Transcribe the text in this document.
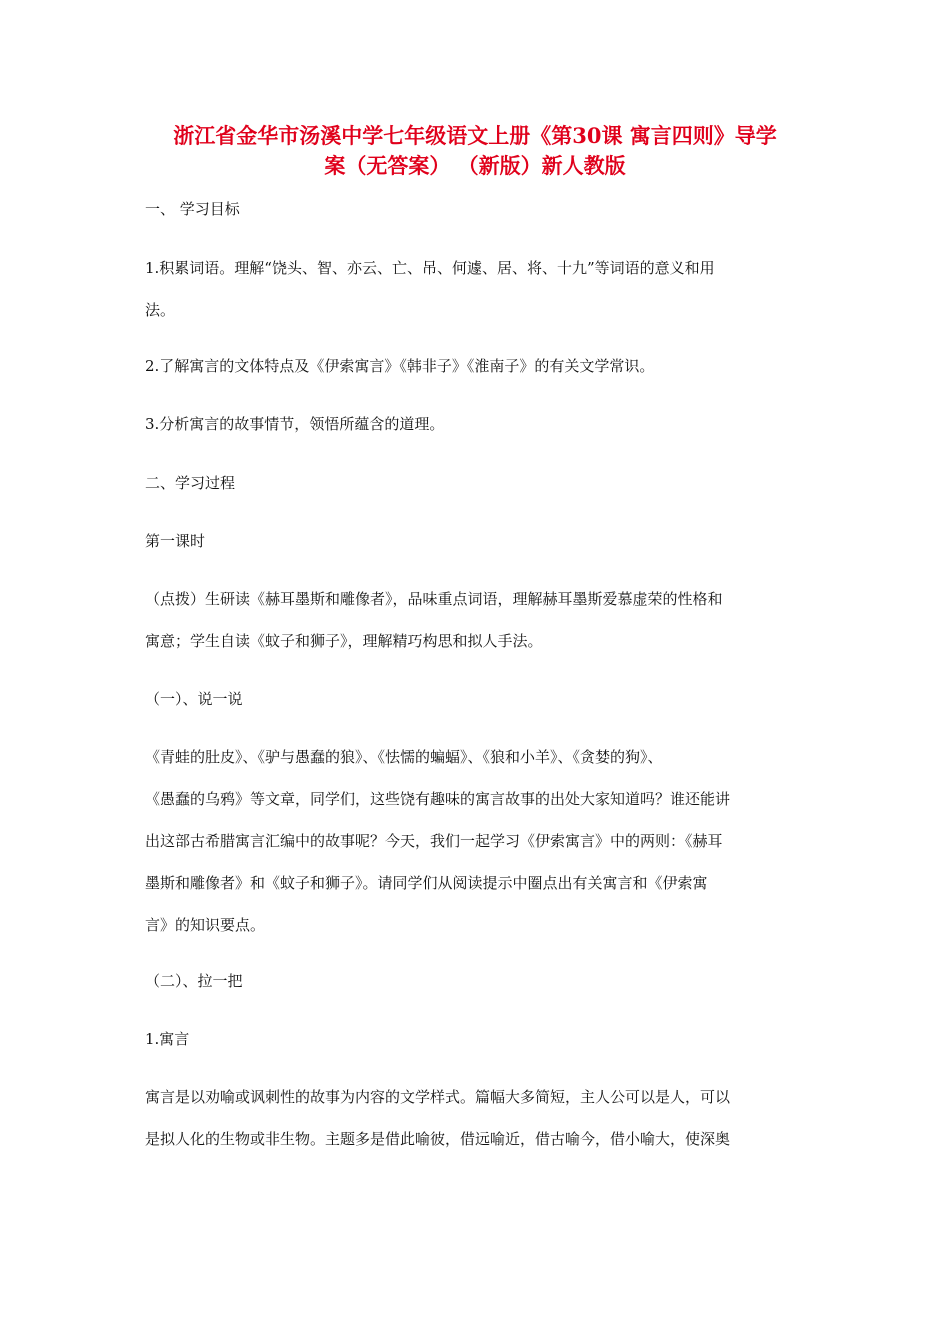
浙江省金华市汤溪中学七年级语文上册《第30课 寓言四则》导学
案（无答案） （新版）新人教版

一、 学习目标

1.积累词语。理解“饶头、智、亦云、亡、吊、何遽、居、将、十九”等词语的意义和用
法。

2.了解寓言的文体特点及《伊索寓言》《韩非子》《淮南子》的有关文学常识。

3.分析寓言的故事情节，领悟所蕴含的道理。

二、学习过程

第一课时

（点拨）生研读《赫耳墨斯和雕像者》，品味重点词语，理解赫耳墨斯爱慕虚荣的性格和
寓意；学生自读《蚊子和狮子》，理解精巧构思和拟人手法。

（一）、说一说

《青蛙的肚皮》、《驴与愚蠢的狼》、《怯懦的蝙蝠》、《狼和小羊》、《贪婪的狗》、
《愚蠢的乌鸦》等文章，同学们，这些饶有趣味的寓言故事的出处大家知道吗？谁还能讲
出这部古希腊寓言汇编中的故事呢？今天，我们一起学习《伊索寓言》中的两则：《赫耳
墨斯和雕像者》和《蚊子和狮子》。请同学们从阅读提示中圈点出有关寓言和《伊索寓
言》的知识要点。

（二）、拉一把

1.寓言

寓言是以劝喻或讽刺性的故事为内容的文学样式。篇幅大多简短，主人公可以是人，可以
是拟人化的生物或非生物。主题多是借此喻彼，借远喻近，借古喻今，借小喻大，使深奥
